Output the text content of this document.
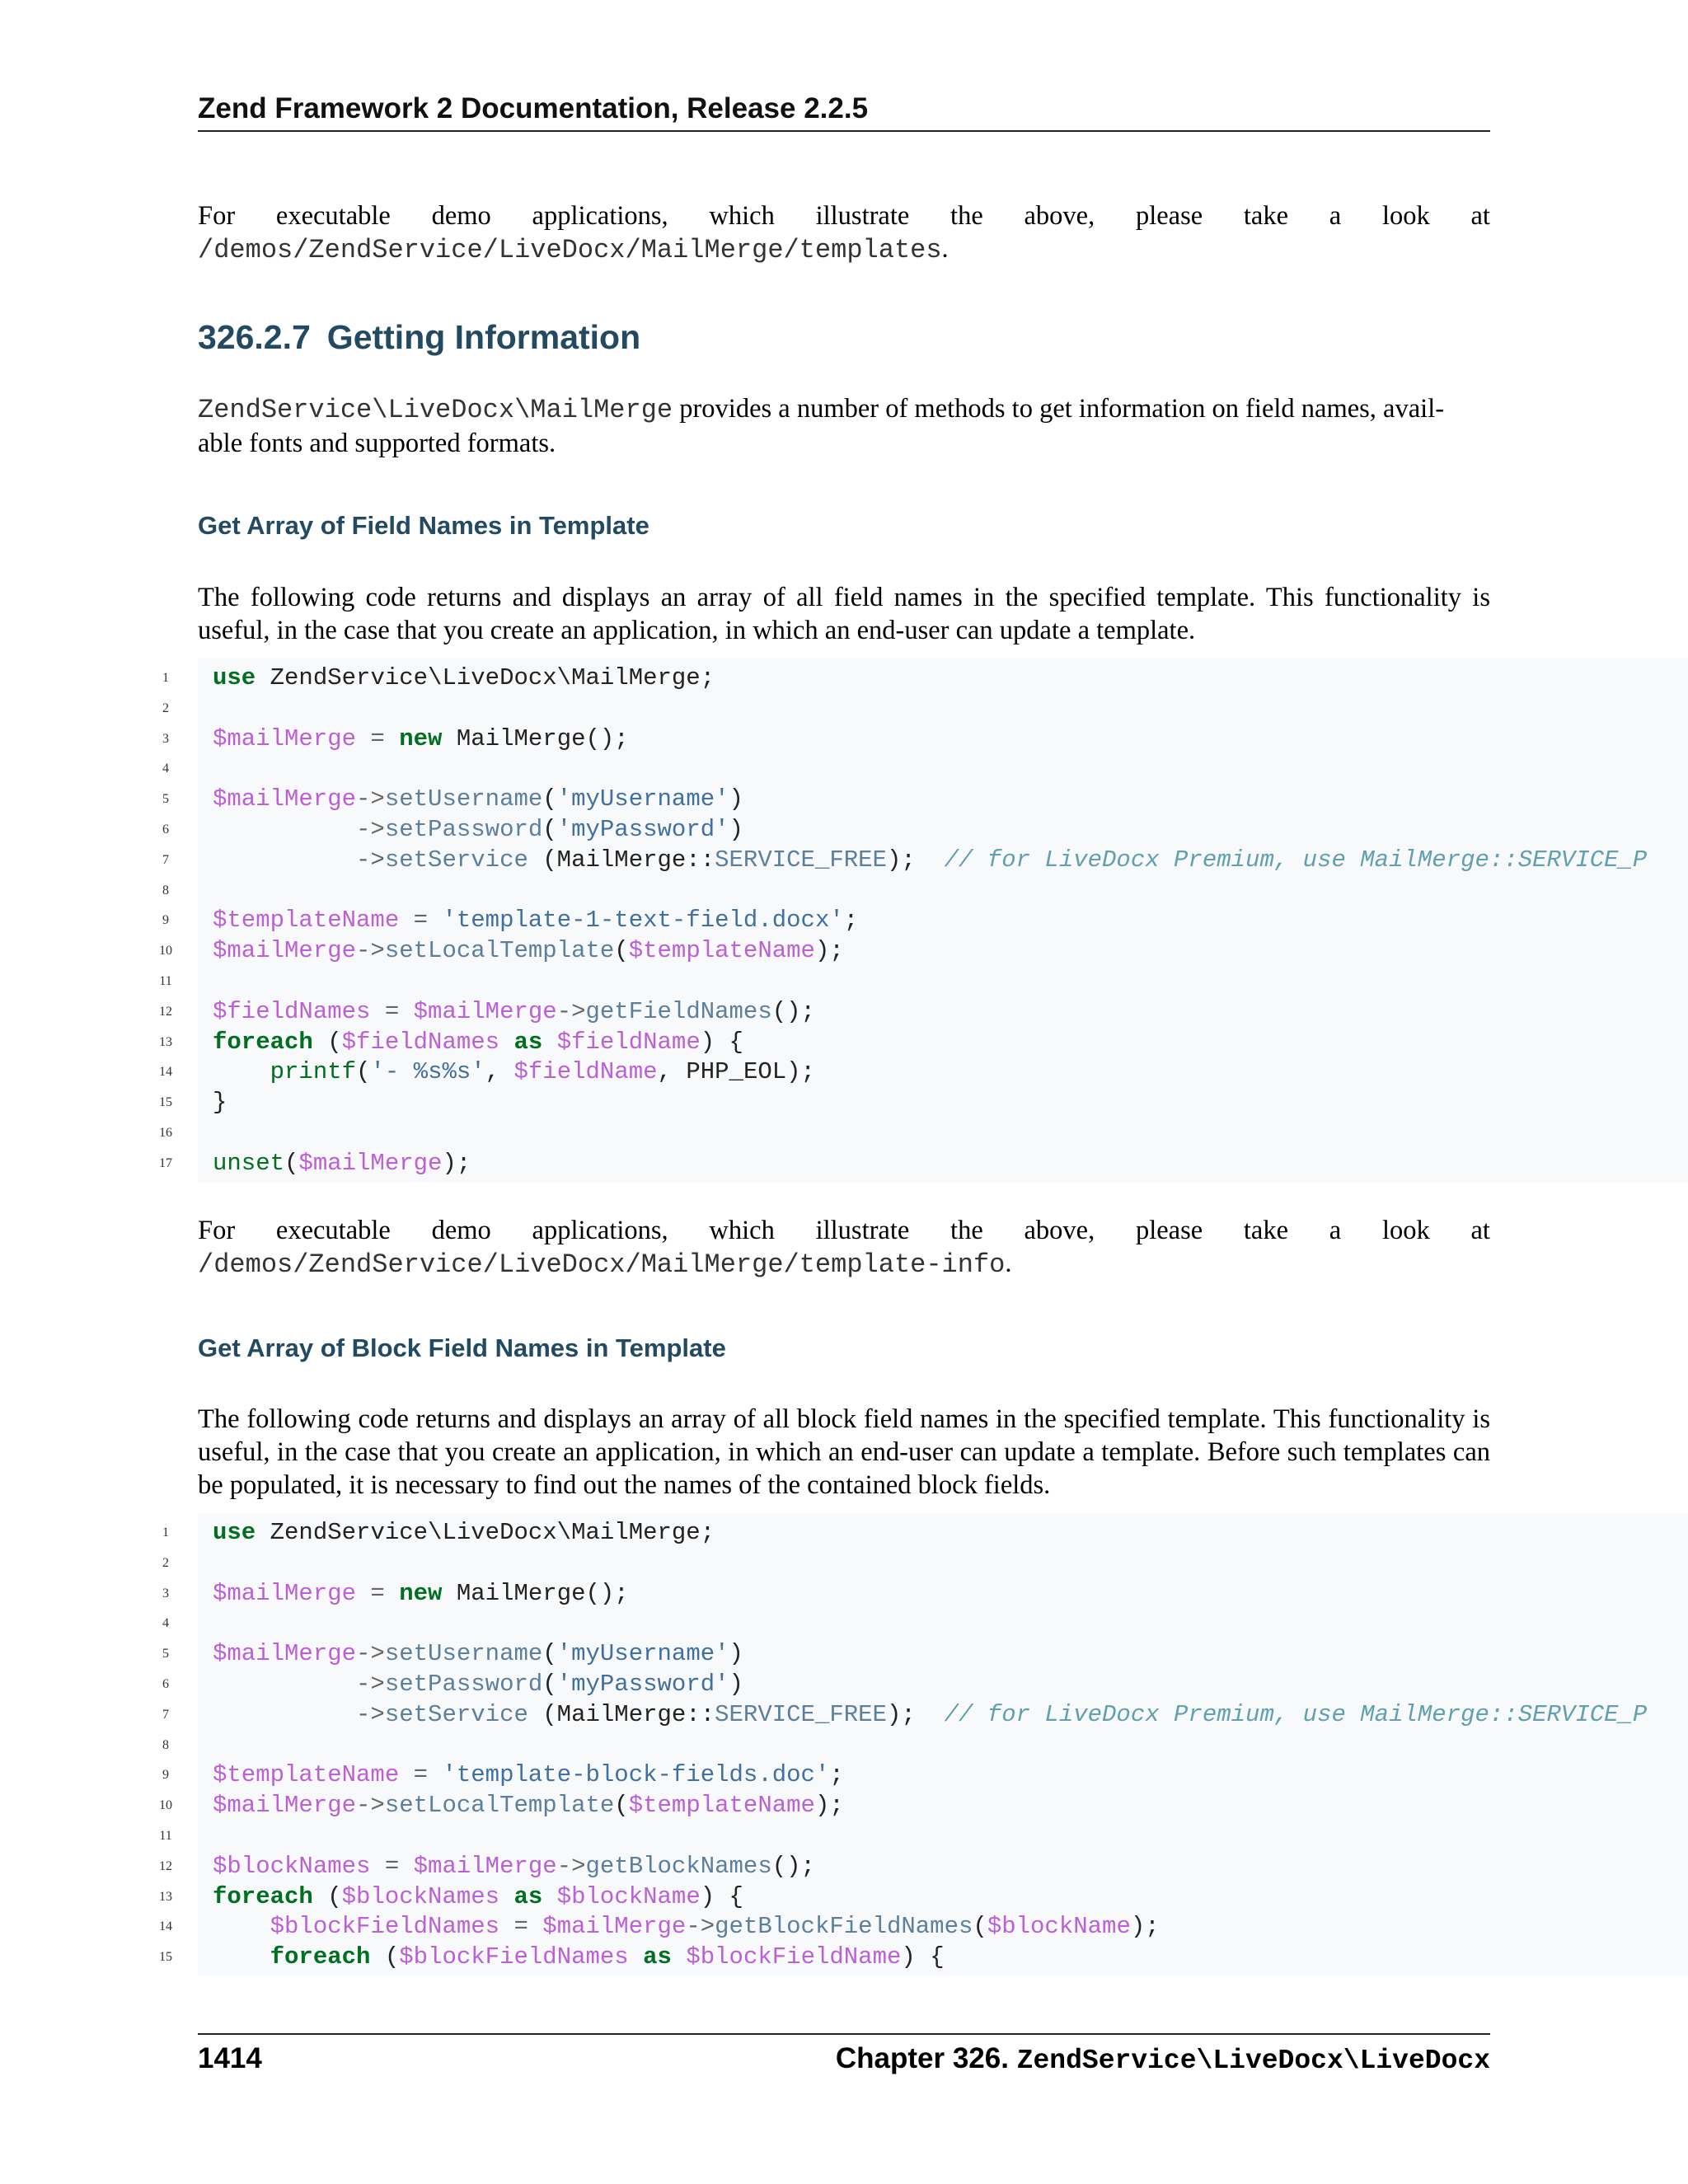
Zend Framework 2 Documentation, Release 2.2.5
For executable demo applications, which illustrate the above, please take a look at
/demos/ZendService/LiveDocx/MailMerge/templates.
326.2.7 Getting Information
ZendService\LiveDocx\MailMerge provides a number of methods to get information on field names, avail-
able fonts and supported formats.
Get Array of Field Names in Template
The following code returns and displays an array of all field names in the specified template. This functionality is useful, in the case that you create an application, in which an end-user can update a template.
1 use ZendService\LiveDocx\MailMerge;
2
3 $mailMerge = new MailMerge();
4
5 $mailMerge->setUsername('myUsername')
6	->setPassword('myPassword')
7	->setService (MailMerge::SERVICE_FREE);  // for LiveDocx Premium, use MailMerge::SERVICE_P
8
9 $templateName = 'template-1-text-field.docx';
10 $mailMerge->setLocalTemplate($templateName);
11
12 $fieldNames = $mailMerge->getFieldNames();
13 foreach ($fieldNames as $fieldName) {
14	printf('- %s%s', $fieldName, PHP_EOL);
15 }
16
17 unset($mailMerge);
For executable demo applications, which illustrate the above, please take a look at
/demos/ZendService/LiveDocx/MailMerge/template-info.
Get Array of Block Field Names in Template
The following code returns and displays an array of all block field names in the specified template. This functionality is useful, in the case that you create an application, in which an end-user can update a template. Before such templates can be populated, it is necessary to find out the names of the contained block fields.
1 use ZendService\LiveDocx\MailMerge;
2
3 $mailMerge = new MailMerge();
4
5 $mailMerge->setUsername('myUsername')
6	->setPassword('myPassword')
7	->setService (MailMerge::SERVICE_FREE);  // for LiveDocx Premium, use MailMerge::SERVICE_P
8
9 $templateName = 'template-block-fields.doc';
10 $mailMerge->setLocalTemplate($templateName);
11
12 $blockNames = $mailMerge->getBlockNames();
13 foreach ($blockNames as $blockName) {
14	$blockFieldNames = $mailMerge->getBlockFieldNames($blockName);
15	foreach ($blockFieldNames as $blockFieldName) {
1414	Chapter 326. ZendService\LiveDocx\LiveDocx
